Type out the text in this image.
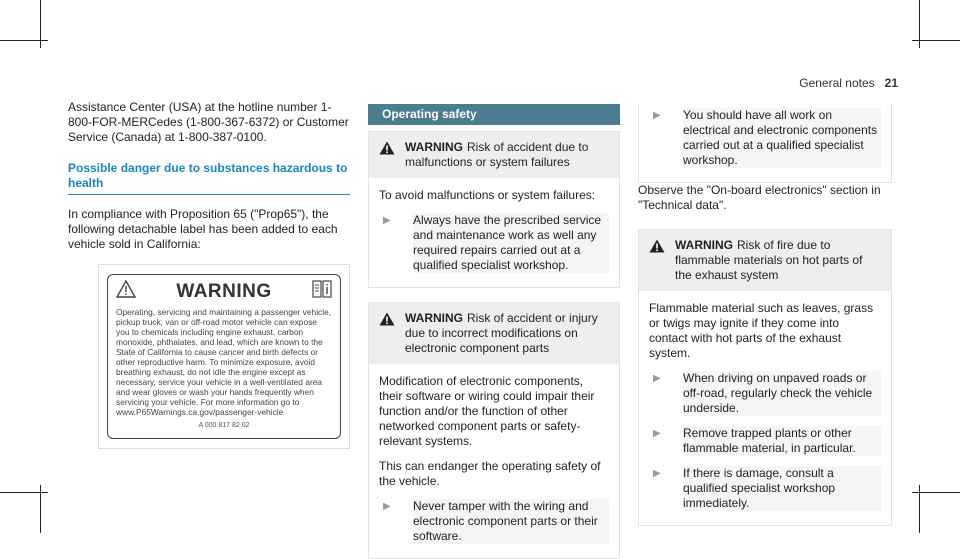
General notes 21

Assistance Center (USA) at the hotline number 1-800-FOR-MERCedes (1-800-367-6372) or Customer Service (Canada) at 1-800-387-0100.

Possible danger due to substances hazardous to health

In compliance with Proposition 65 ("Prop65"), the following detachable label has been added to each vehicle sold in California:

WARNING
Operating, servicing and maintaining a passenger vehicle, pickup truck, van or off-road motor vehicle can expose you to chemicals including engine exhaust, carbon monoxide, phthalates, and lead, which are known to the State of California to cause cancer and birth defects or other reproductive harm. To minimize exposure, avoid breathing exhaust, do not idle the engine except as necessary, service your vehicle in a well-ventilated area and wear gloves or wash your hands frequently when servicing your vehicle. For more information go to www.P65Warnings.ca.gov/passenger-vehicle
A 000 817 82 02
Operating safety
WARNING Risk of accident due to malfunctions or system failures

To avoid malfunctions or system failures:

▶	Always have the prescribed service and maintenance work as well any required repairs carried out at a qualified specialist workshop.
WARNING Risk of accident or injury due to incorrect modifications on electronic component parts

Modification of electronic components, their software or wiring could impair their function and/or the function of other networked component parts or safety-relevant systems.

This can endanger the operating safety of the vehicle.

▶	Never tamper with the wiring and electronic component parts or their software.
▶	You should have all work on electrical and electronic components carried out at a qualified specialist workshop.

Observe the "On-board electronics" section in "Technical data".

WARNING Risk of fire due to flammable materials on hot parts of the exhaust system

Flammable material such as leaves, grass or twigs may ignite if they come into contact with hot parts of the exhaust system.

▶	When driving on unpaved roads or off-road, regularly check the vehicle underside.
▶	Remove trapped plants or other flammable material, in particular.
▶	If there is damage, consult a qualified specialist workshop immediately.
